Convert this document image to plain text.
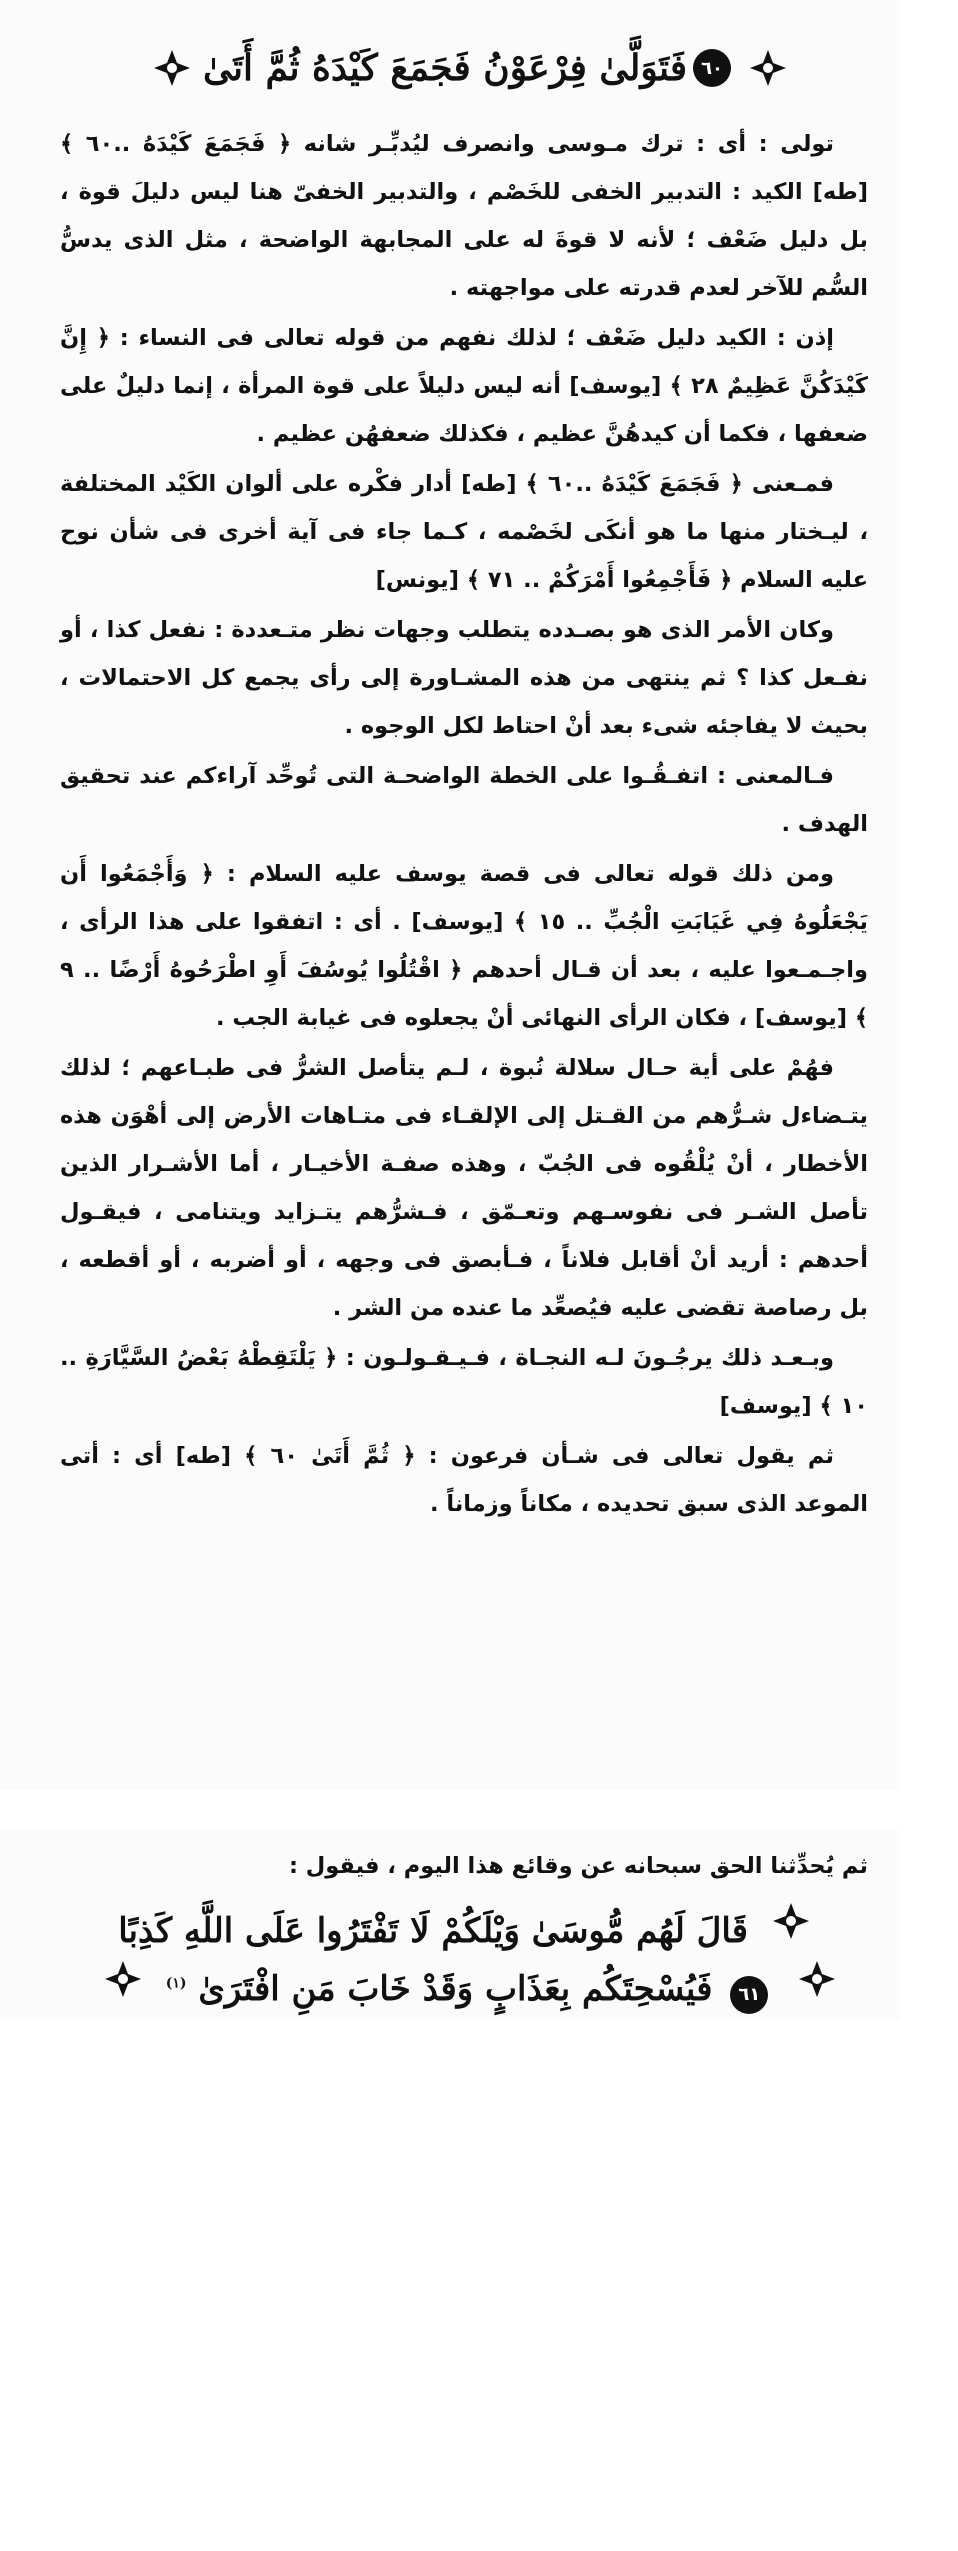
٦٠
فَتَوَلَّىٰ فِرْعَوْنُ فَجَمَعَ كَيْدَهُ ثُمَّ أَتَىٰ

تولى : أى : ترك مـوسى وانصرف ليُدبِّـر شانه ﴿ فَجَمَعَ كَيْدَهُ ..٦٠ ﴾ [طه] الكيد : التدبير الخفى للخَصْم ، والتدبير الخفىّ هنا ليس دليلَ قوة ، بل دليل ضَعْف ؛ لأنه لا قوةَ له على المجابهة الواضحة ، مثل الذى يدسُّ السُّم للآخر لعدم قدرته على مواجهته .

إذن : الكيد دليل ضَعْف ؛ لذلك نفهم من قوله تعالى فى النساء : ﴿ إِنَّ كَيْدَكُنَّ عَظِيمٌ ٢٨ ﴾ [يوسف] أنه ليس دليلاً على قوة المرأة ، إنما دليلٌ على ضعفها ، فكما أن كيدهُنَّ عظيم ، فكذلك ضعفهُن عظيم .

فمـعنى ﴿ فَجَمَعَ كَيْدَهُ ..٦٠ ﴾ [طه] أدار فكْره على ألوان الكَيْد المختلفة ، ليـختار منها ما هو أنكَى لخَصْمه ، كـما جاء فى آية أخرى فى شأن نوح عليه السلام ﴿ فَأَجْمِعُوا أَمْرَكُمْ .. ٧١ ﴾ [يونس]

وكان الأمر الذى هو بصـدده يتطلب وجهات نظر متـعددة : نفعل كذا ، أو نفـعل كذا ؟ ثم ينتهى من هذه المشـاورة إلى رأى يجمع كل الاحتمالات ، بحيث لا يفاجئه شىء بعد أنْ احتاط لكل الوجوه .

فـالمعنى : اتفـقُـوا على الخطة الواضحـة التى تُوحِّد آراءكم عند تحقيق الهدف .

ومن ذلك قوله تعالى فى قصة يوسف عليه السلام : ﴿ وَأَجْمَعُوا أَن يَجْعَلُوهُ فِي غَيَابَتِ الْجُبِّ .. ١٥ ﴾ [يوسف] . أى : اتفقوا على هذا الرأى ، واجـمـعوا عليه ، بعد أن قـال أحدهم ﴿ اقْتُلُوا يُوسُفَ أَوِ اطْرَحُوهُ أَرْضًا .. ٩ ﴾ [يوسف] ، فكان الرأى النهائى أنْ يجعلوه فى غيابة الجب .

فهُمْ على أية حـال سلالة نُبوة ، لـم يتأصل الشرُّ فى طبـاعهم ؛ لذلك يتـضاءل شـرُّهم من القـتل إلى الإلقـاء فى متـاهات الأرض إلى أهْوَن هذه الأخطار ، أنْ يُلْقُوه فى الجُبّ ، وهذه صفـة الأخيـار ، أما الأشـرار الذين تأصل الشـر فى نفوسـهم وتعـمّق ، فـشرُّهم يتـزايد ويتنامى ، فيقـول أحدهم : أريد أنْ أقابل فلاناً ، فـأبصق فى وجهه ، أو أضربه ، أو أقطعه ، بل رصاصة تقضى عليه فيُصعِّد ما عنده من الشر .

وبـعـد ذلك يرجُـونَ لـه النجـاة ، فـيـقـولـون : ﴿ يَلْتَقِطْهُ بَعْضُ السَّيَّارَةِ .. ١٠ ﴾ [يوسف]

ثم يقول تعالى فى شـأن فرعون : ﴿ ثُمَّ أَتَىٰ ٦٠ ﴾ [طه] أى : أتى الموعد الذى سبق تحديده ، مكاناً وزماناً .

ثم يُحدِّثنا الحق سبحانه عن وقائع هذا اليوم ، فيقول :
قَالَ لَهُم مُّوسَىٰ وَيْلَكُمْ لَا تَفْتَرُوا عَلَى اللَّهِ كَذِبًا
٦١ فَيُسْحِتَكُم بِعَذَابٍ وَقَدْ خَابَ مَنِ افْتَرَىٰ $^{(١)}$
